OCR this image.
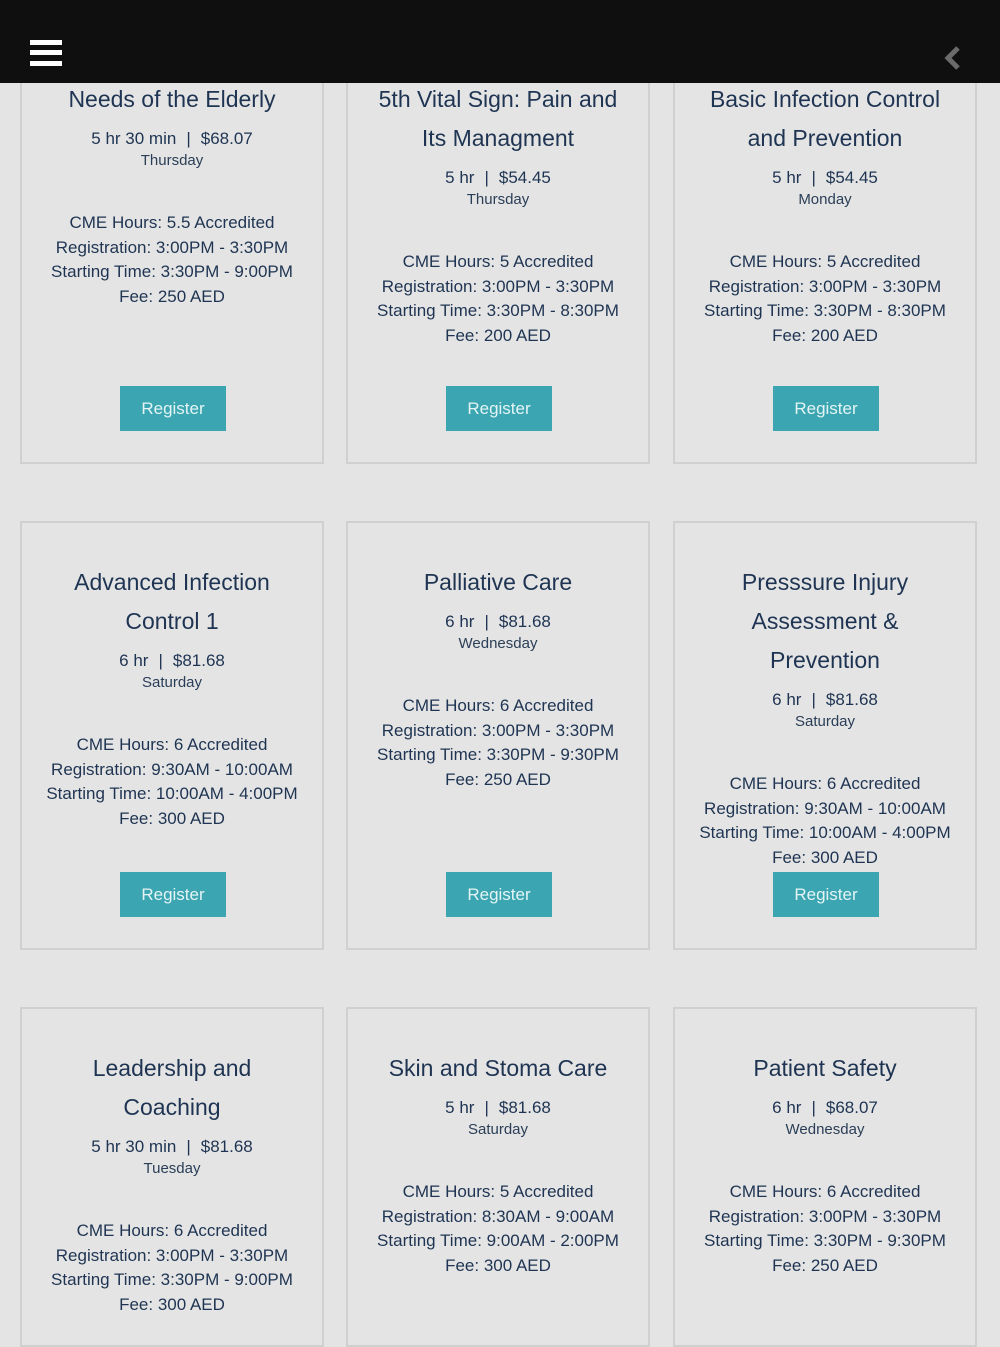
Needs of the Elderly
5 hr 30 min | $68.07
Thursday
CME Hours: 5.5 Accredited
Registration: 3:00PM - 3:30PM
Starting Time: 3:30PM - 9:00PM
Fee: 250 AED
Register
5th Vital Sign: Pain and
Its Managment
5 hr | $54.45
Thursday
CME Hours: 5 Accredited
Registration: 3:00PM - 3:30PM
Starting Time: 3:30PM - 8:30PM
Fee: 200 AED
Register
Basic Infection Control
and Prevention
5 hr | $54.45
Monday
CME Hours: 5 Accredited
Registration: 3:00PM - 3:30PM
Starting Time: 3:30PM - 8:30PM
Fee: 200 AED
Register
Advanced Infection
Control 1
6 hr | $81.68
Saturday
CME Hours: 6 Accredited
Registration: 9:30AM - 10:00AM
Starting Time: 10:00AM - 4:00PM
Fee: 300 AED
Register
Palliative Care
6 hr | $81.68
Wednesday
CME Hours: 6 Accredited
Registration: 3:00PM - 3:30PM
Starting Time: 3:30PM - 9:30PM
Fee: 250 AED
Register
Presssure Injury
Assessment &
Prevention
6 hr | $81.68
Saturday
CME Hours: 6 Accredited
Registration: 9:30AM - 10:00AM
Starting Time: 10:00AM - 4:00PM
Fee: 300 AED
Register
Leadership and
Coaching
5 hr 30 min | $81.68
Tuesday
CME Hours: 6 Accredited
Registration: 3:00PM - 3:30PM
Starting Time: 3:30PM - 9:00PM
Fee: 300 AED
Skin and Stoma Care
5 hr | $81.68
Saturday
CME Hours: 5 Accredited
Registration: 8:30AM - 9:00AM
Starting Time: 9:00AM - 2:00PM
Fee: 300 AED
Patient Safety
6 hr | $68.07
Wednesday
CME Hours: 6 Accredited
Registration: 3:00PM - 3:30PM
Starting Time: 3:30PM - 9:30PM
Fee: 250 AED
